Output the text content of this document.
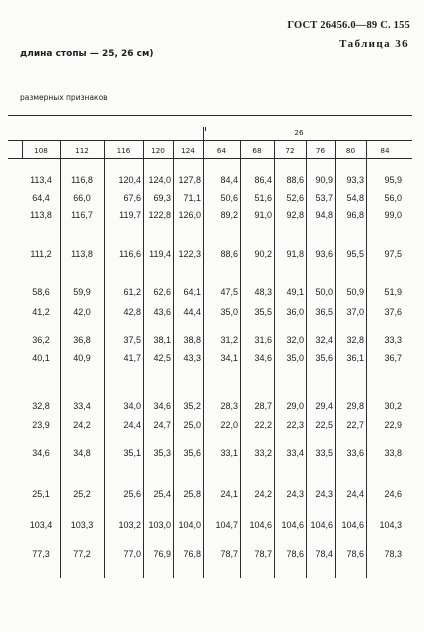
ГОСТ 26456.0—89 С. 155
Таблица 36
длина стопы — 25, 26 см)
размерных признаков
26
108	112	116	120	124	64	68	72	76	80	84
113,4	116,8	120,4 124,0 127,8	84,4	86,4	88,6	90,9	93,3	95,9
64,4	66,0	67,6	69,3	71,1	50,6	51,6	52,6	53,7	54,8	56,0
113,8	116,7	119,7 122,8 126,0	89,2	91,0	92,8	94,8	96,8	99,0
111,2	113,8	116,6 119,4 122,3	88,6	90,2	91,8	93,6	95,5	97,5
58,6	59,9	61,2	62,6	64,1	47,5	48,3	49,1	50,0	50,9	51,9
41,2	42,0	42,8	43,6	44,4	35,0	35,5	36,0	36,5	37,0	37,6
36,2	36,8	37,5	38,1	38,8	31,2	31,6	32,0	32,4	32,8	33,3
40,1	40,9	41,7	42,5	43,3	34,1	34,6	35,0	35,6	36,1	36,7
32,8	33,4	34,0	34,6	35,2	28,3	28,7	29,0	29,4	29,8	30,2
23,9	24,2	24,4	24,7	25,0	22,0	22,2	22,3	22,5	22,7	22,9
34,6	34,8	35,1	35,3	35,6	33,1	33,2	33,4	33,5	33,6	33,8
25,1	25,2	25,6	25,4	25,8	24,1	24,2	24,3	24,3	24,4	24,6
103,4	103,3	103,2 103,0 104,0	104,7	104,6	104,6 104,6 104,6	104,3
77,3	77,2	77,0	76,9	76,8	78,7	78,7	78,6	78,4	78,6	78,3
